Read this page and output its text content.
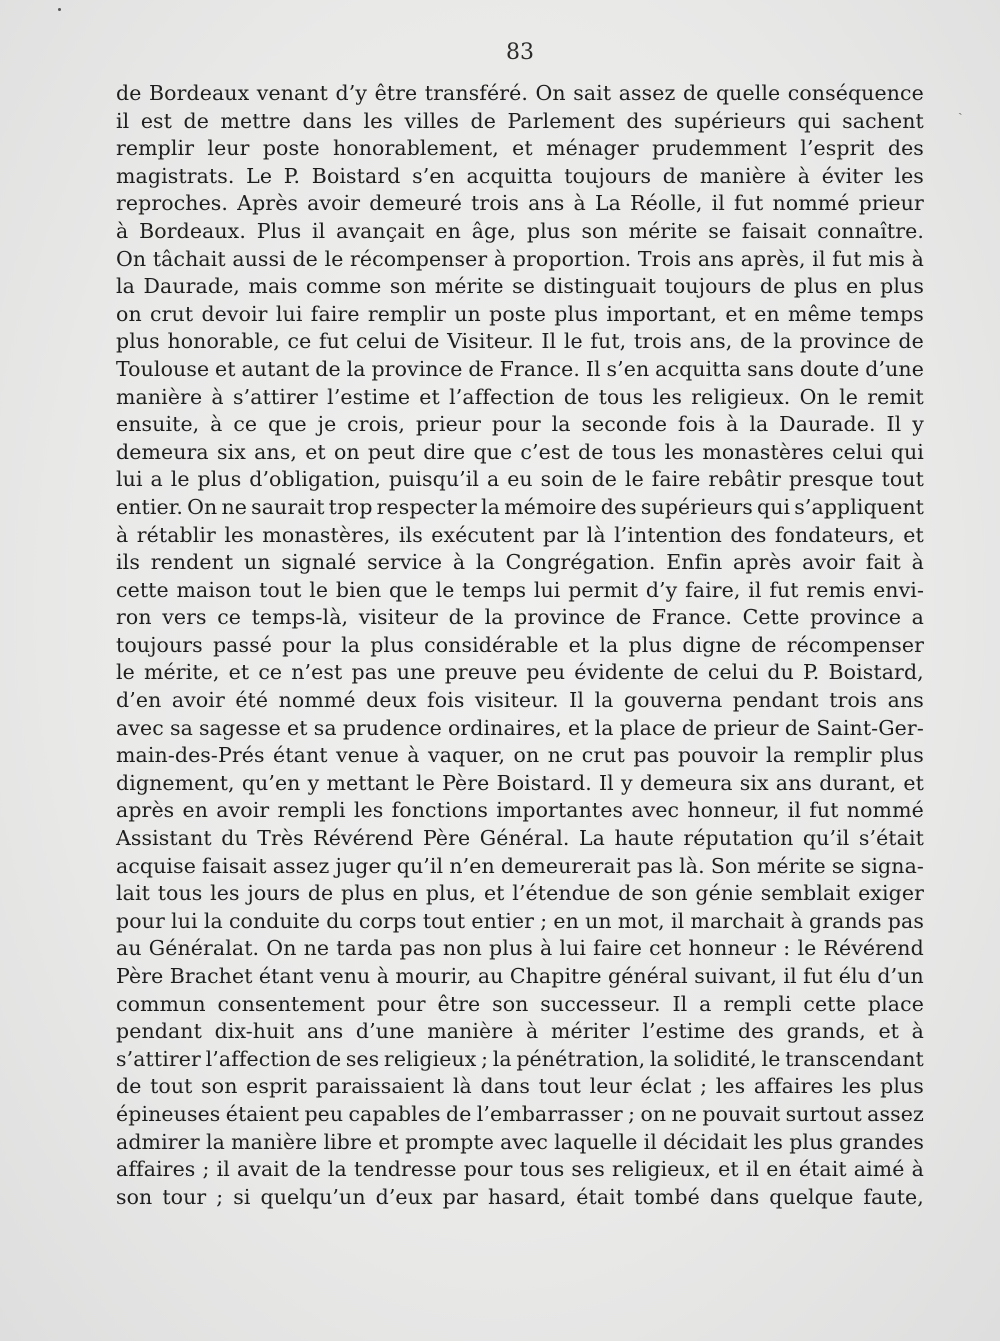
83
ˏ
de Bordeaux venant d’y être transféré. On sait assez de quelle conséquence
il est de mettre dans les villes de Parlement des supérieurs qui sachent
remplir leur poste honorablement, et ménager prudemment l’esprit des
magistrats. Le P. Boistard s’en acquitta toujours de manière à éviter les
reproches. Après avoir demeuré trois ans à La Réolle, il fut nommé prieur
à Bordeaux. Plus il avançait en âge, plus son mérite se faisait connaître.
On tâchait aussi de le récompenser à proportion. Trois ans après, il fut mis à
la Daurade, mais comme son mérite se distinguait toujours de plus en plus
on crut devoir lui faire remplir un poste plus important, et en même temps
plus honorable, ce fut celui de Visiteur. Il le fut, trois ans, de la province de
Toulouse et autant de la province de France. Il s’en acquitta sans doute d’une
manière à s’attirer l’estime et l’affection de tous les religieux. On le remit
ensuite, à ce que je crois, prieur pour la seconde fois à la Daurade. Il y
demeura six ans, et on peut dire que c’est de tous les monastères celui qui
lui a le plus d’obligation, puisqu’il a eu soin de le faire rebâtir presque tout
entier. On ne saurait trop respecter la mémoire des supérieurs qui s’appliquent
à rétablir les monastères, ils exécutent par là l’intention des fondateurs, et
ils rendent un signalé service à la Congrégation. Enfin après avoir fait à
cette maison tout le bien que le temps lui permit d’y faire, il fut remis envi-
ron vers ce temps-là, visiteur de la province de France. Cette province a
toujours passé pour la plus considérable et la plus digne de récompenser
le mérite, et ce n’est pas une preuve peu évidente de celui du P. Boistard,
d’en avoir été nommé deux fois visiteur. Il la gouverna pendant trois ans
avec sa sagesse et sa prudence ordinaires, et la place de prieur de Saint-Ger-
main-des-Prés étant venue à vaquer, on ne crut pas pouvoir la remplir plus
dignement, qu’en y mettant le Père Boistard. Il y demeura six ans durant, et
après en avoir rempli les fonctions importantes avec honneur, il fut nommé
Assistant du Très Révérend Père Général. La haute réputation qu’il s’était
acquise faisait assez juger qu’il n’en demeurerait pas là. Son mérite se signa-
lait tous les jours de plus en plus, et l’étendue de son génie semblait exiger
pour lui la conduite du corps tout entier ; en un mot, il marchait à grands pas
au Généralat. On ne tarda pas non plus à lui faire cet honneur : le Révérend
Père Brachet étant venu à mourir, au Chapitre général suivant, il fut élu d’un
commun consentement pour être son successeur. Il a rempli cette place
pendant dix-huit ans d’une manière à mériter l’estime des grands, et à
s’attirer l’affection de ses religieux ; la pénétration, la solidité, le transcendant
de tout son esprit paraissaient là dans tout leur éclat ; les affaires les plus
épineuses étaient peu capables de l’embarrasser ; on ne pouvait surtout assez
admirer la manière libre et prompte avec laquelle il décidait les plus grandes
affaires ; il avait de la tendresse pour tous ses religieux, et il en était aimé à
son tour ; si quelqu’un d’eux par hasard, était tombé dans quelque faute,
